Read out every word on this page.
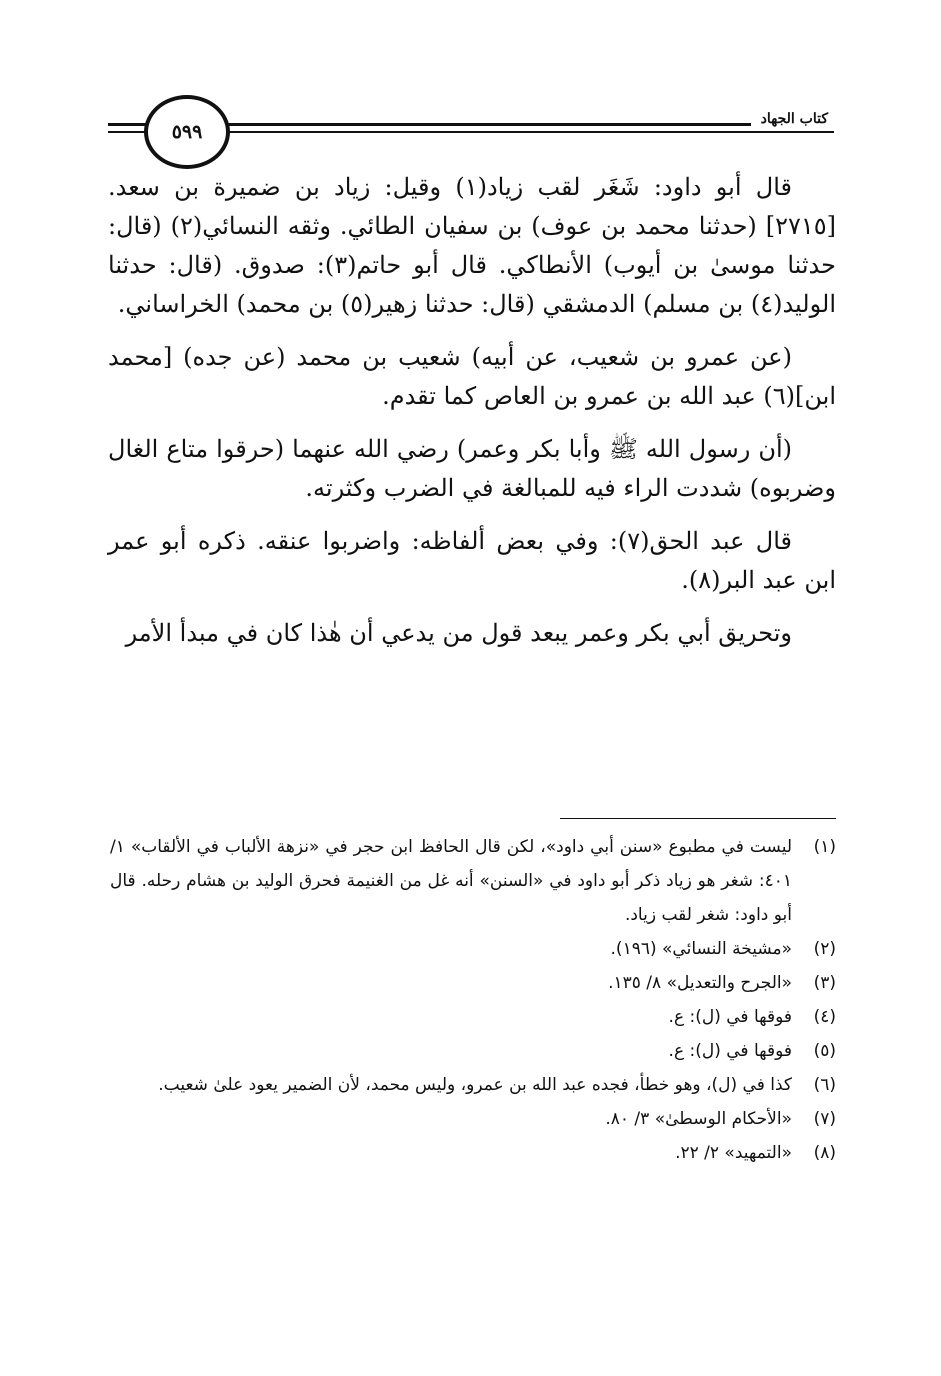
كتاب الجهاد
٥٩٩

قال أبو داود: شَغَر لقب زياد(١) وقيل: زياد بن ضميرة بن سعد. [٢٧١٥] (حدثنا محمد بن عوف) بن سفيان الطائي. وثقه النسائي(٢) (قال: حدثنا موسىٰ بن أيوب) الأنطاكي. قال أبو حاتم(٣): صدوق. (قال: حدثنا الوليد(٤) بن مسلم) الدمشقي (قال: حدثنا زهير(٥) بن محمد) الخراساني.

(عن عمرو بن شعيب، عن أبيه) شعيب بن محمد (عن جده) [محمد ابن](٦) عبد الله بن عمرو بن العاص كما تقدم.

(أن رسول الله ﷺ وأبا بكر وعمر) رضي الله عنهما (حرقوا متاع الغال وضربوه) شددت الراء فيه للمبالغة في الضرب وكثرته.

قال عبد الحق(٧): وفي بعض ألفاظه: واضربوا عنقه. ذكره أبو عمر ابن عبد البر(٨).

وتحريق أبي بكر وعمر يبعد قول من يدعي أن هٰذا كان في مبدأ الأمر

(١)
ليست في مطبوع «سنن أبي داود»، لكن قال الحافظ ابن حجر في «نزهة الألباب في الألقاب» ١/ ٤٠١: شغر هو زياد ذكر أبو داود في «السنن» أنه غل من الغنيمة فحرق الوليد بن هشام رحله. قال أبو داود: شغر لقب زياد.
(٢)
«مشيخة النسائي» (١٩٦).
(٣)
«الجرح والتعديل» ٨/ ١٣٥.
(٤)
فوقها في (ل): ع.
(٥)
فوقها في (ل): ع.
(٦)
كذا في (ل)، وهو خطأ، فجده عبد الله بن عمرو، وليس محمد، لأن الضمير يعود علىٰ شعيب.
(٧)
«الأحكام الوسطىٰ» ٣/ ٨٠.
(٨)
«التمهيد» ٢/ ٢٢.
